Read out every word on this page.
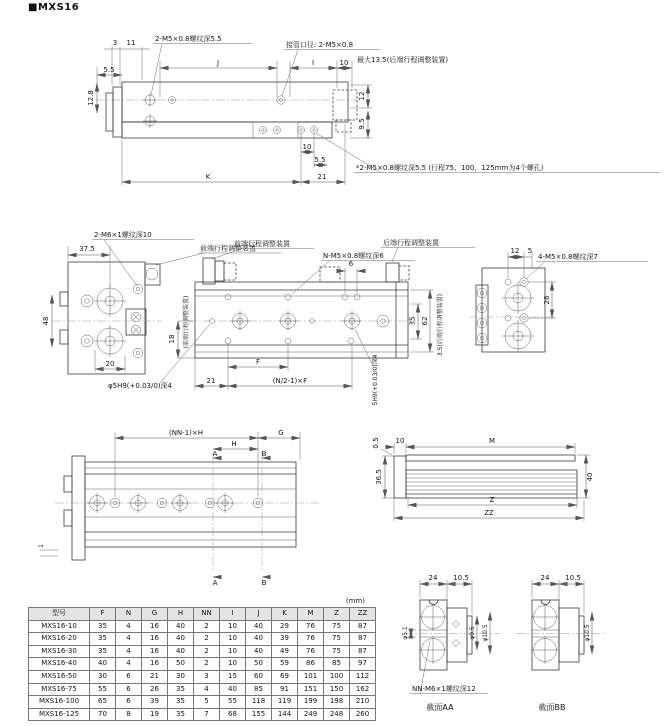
■MXS16
3 11
5.5
2-M5×0.8螺纹深5.5
接管口径: 2-M5×0.8
J	I	10 最大13.5(后端行程调整装置)
12.8	12
9.5
10
5.5
K	21
*2-M5×0.8螺纹深5.5 (行程75、100、125mm为4个螺孔)
37.5
2-M6×1螺纹深10
前端行程调整装置
48
20
前端行程调整装置
N-M5×0.8螺纹深6
后端行程调整装置
6
18 (前端行程调整装置)	35 62 3.5(后端行程调整装置)
F
21	(N/2-1)×F
φ5H9(+0.03/0)深4	5H9(+0.03/0)深4
12 5
4-M5×0.8螺纹深7
26
(NN-1)×H	G
H
A	B
A	B
1
0.5 10	M
36.5	40
Z
ZZ
24 10.5
φ5.1	φ9.5 φ10.5
NN-M6×1螺纹深12
截面AA
24 10.5
φ10.5
截面BB
(mm)
型号	F	N	G	H	NN	I	J	K	M	Z	ZZ
MXS16-10	35	4	16	40	2	10	40	29	76	75	87
MXS16-20	35	4	16	40	2	10	40	39	76	75	87
MXS16-30	35	4	16	40	2	10	40	49	76	75	87
MXS16-40	40	4	16	50	2	10	50	59	86	85	97
MXS16-50	30	6	21	30	3	15	60	69	101	100	112
MXS16-75	55	6	26	35	4	40	85	91	151	150	162
MXS16-100	65	6	39	35	5	55	118	119	199	198	210
MXS16-125	70	8	19	35	7	68	155	144	249	248	260
